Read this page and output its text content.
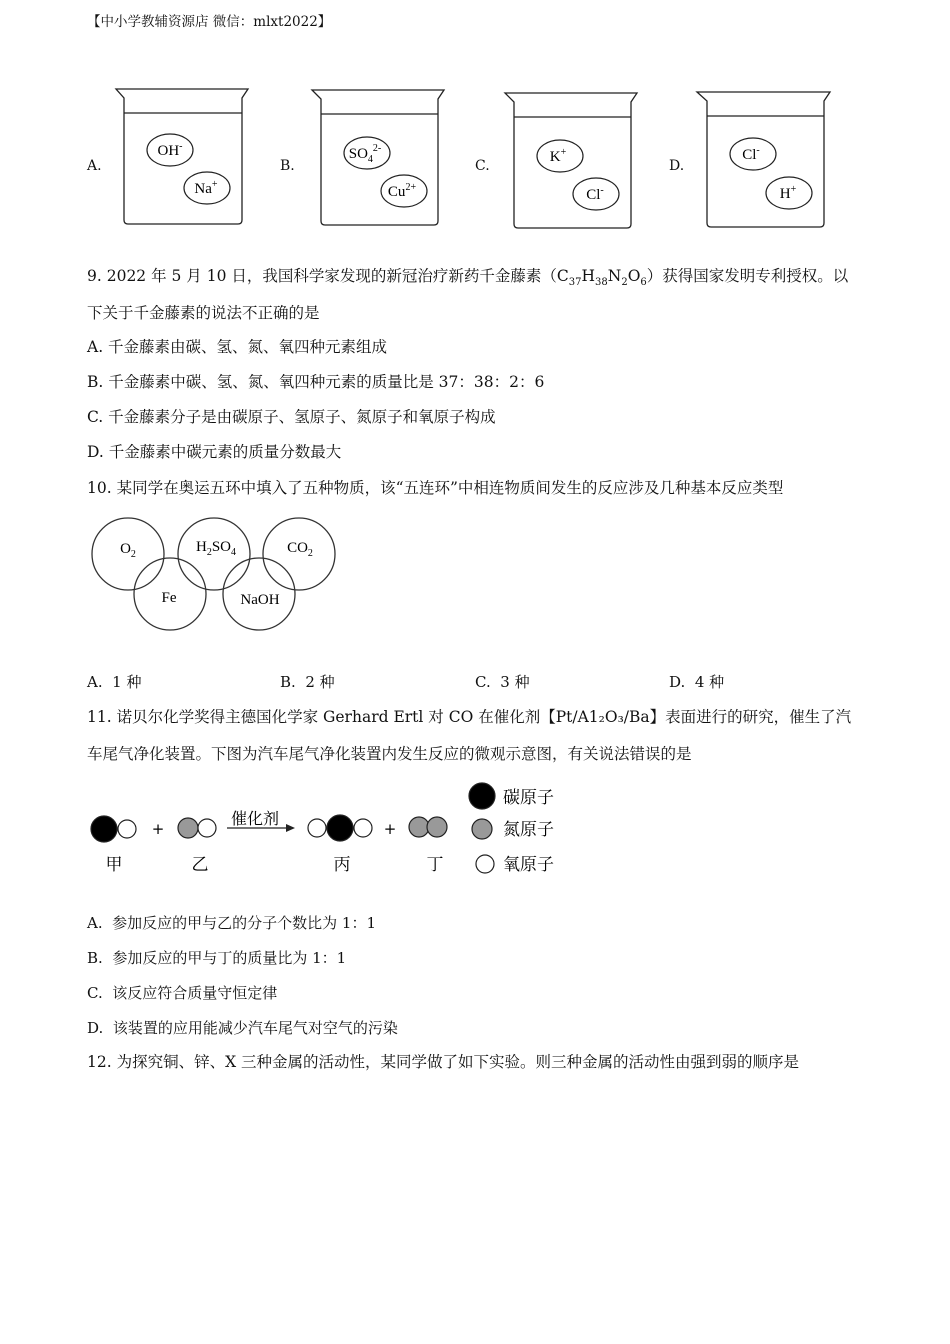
【中小学教辅资源店 微信：mlxt2022】
A.	B.	C.	D.
OH-
Na+
$SO_4^{2-}$
$Cu^{2+}$
K+
Cl-
Cl-
H+
9. 2022 年 5 月 10 日，我国科学家发现的新冠治疗新药千金藤素$(C_{37}H_{38}N_2O_6)$获得国家发明专利授权。以
下关于千金藤素的说法不正确的是
A. 千金藤素由碳、氢、氮、氧四种元素组成
B. 千金藤素中碳、氢、氮、氧四种元素的质量比是 37：38：2：6
C. 千金藤素分子是由碳原子、氢原子、氮原子和氧原子构成
D. 千金藤素中碳元素的质量分数最大
10. 某同学在奥运五环中填入了五种物质，该“五连环”中相连物质间发生的反应涉及几种基本反应类型
$O_2$	$H_2SO_4$	$CO_2$
Fe	NaOH
A. 1 种	B. 2 种	C. 3 种	D. 4 种
11. 诺贝尔化学奖得主德国化学家 Gerhard Ertl 对 CO 在催化剂【Pt/A1₂O₃/Ba】表面进行的研究，催生了汽
车尾气净化装置。下图为汽车尾气净化装置内发生反应的微观示意图，有关说法错误的是
+
催化剂
+
甲	乙	丙	丁
碳原子
氮原子
氧原子
A. 参加反应的甲与乙的分子个数比为 1：1
B. 参加反应的甲与丁的质量比为 1：1
C. 该反应符合质量守恒定律
D. 该装置的应用能减少汽车尾气对空气的污染
12. 为探究铜、锌、X 三种金属的活动性，某同学做了如下实验。则三种金属的活动性由强到弱的顺序是
